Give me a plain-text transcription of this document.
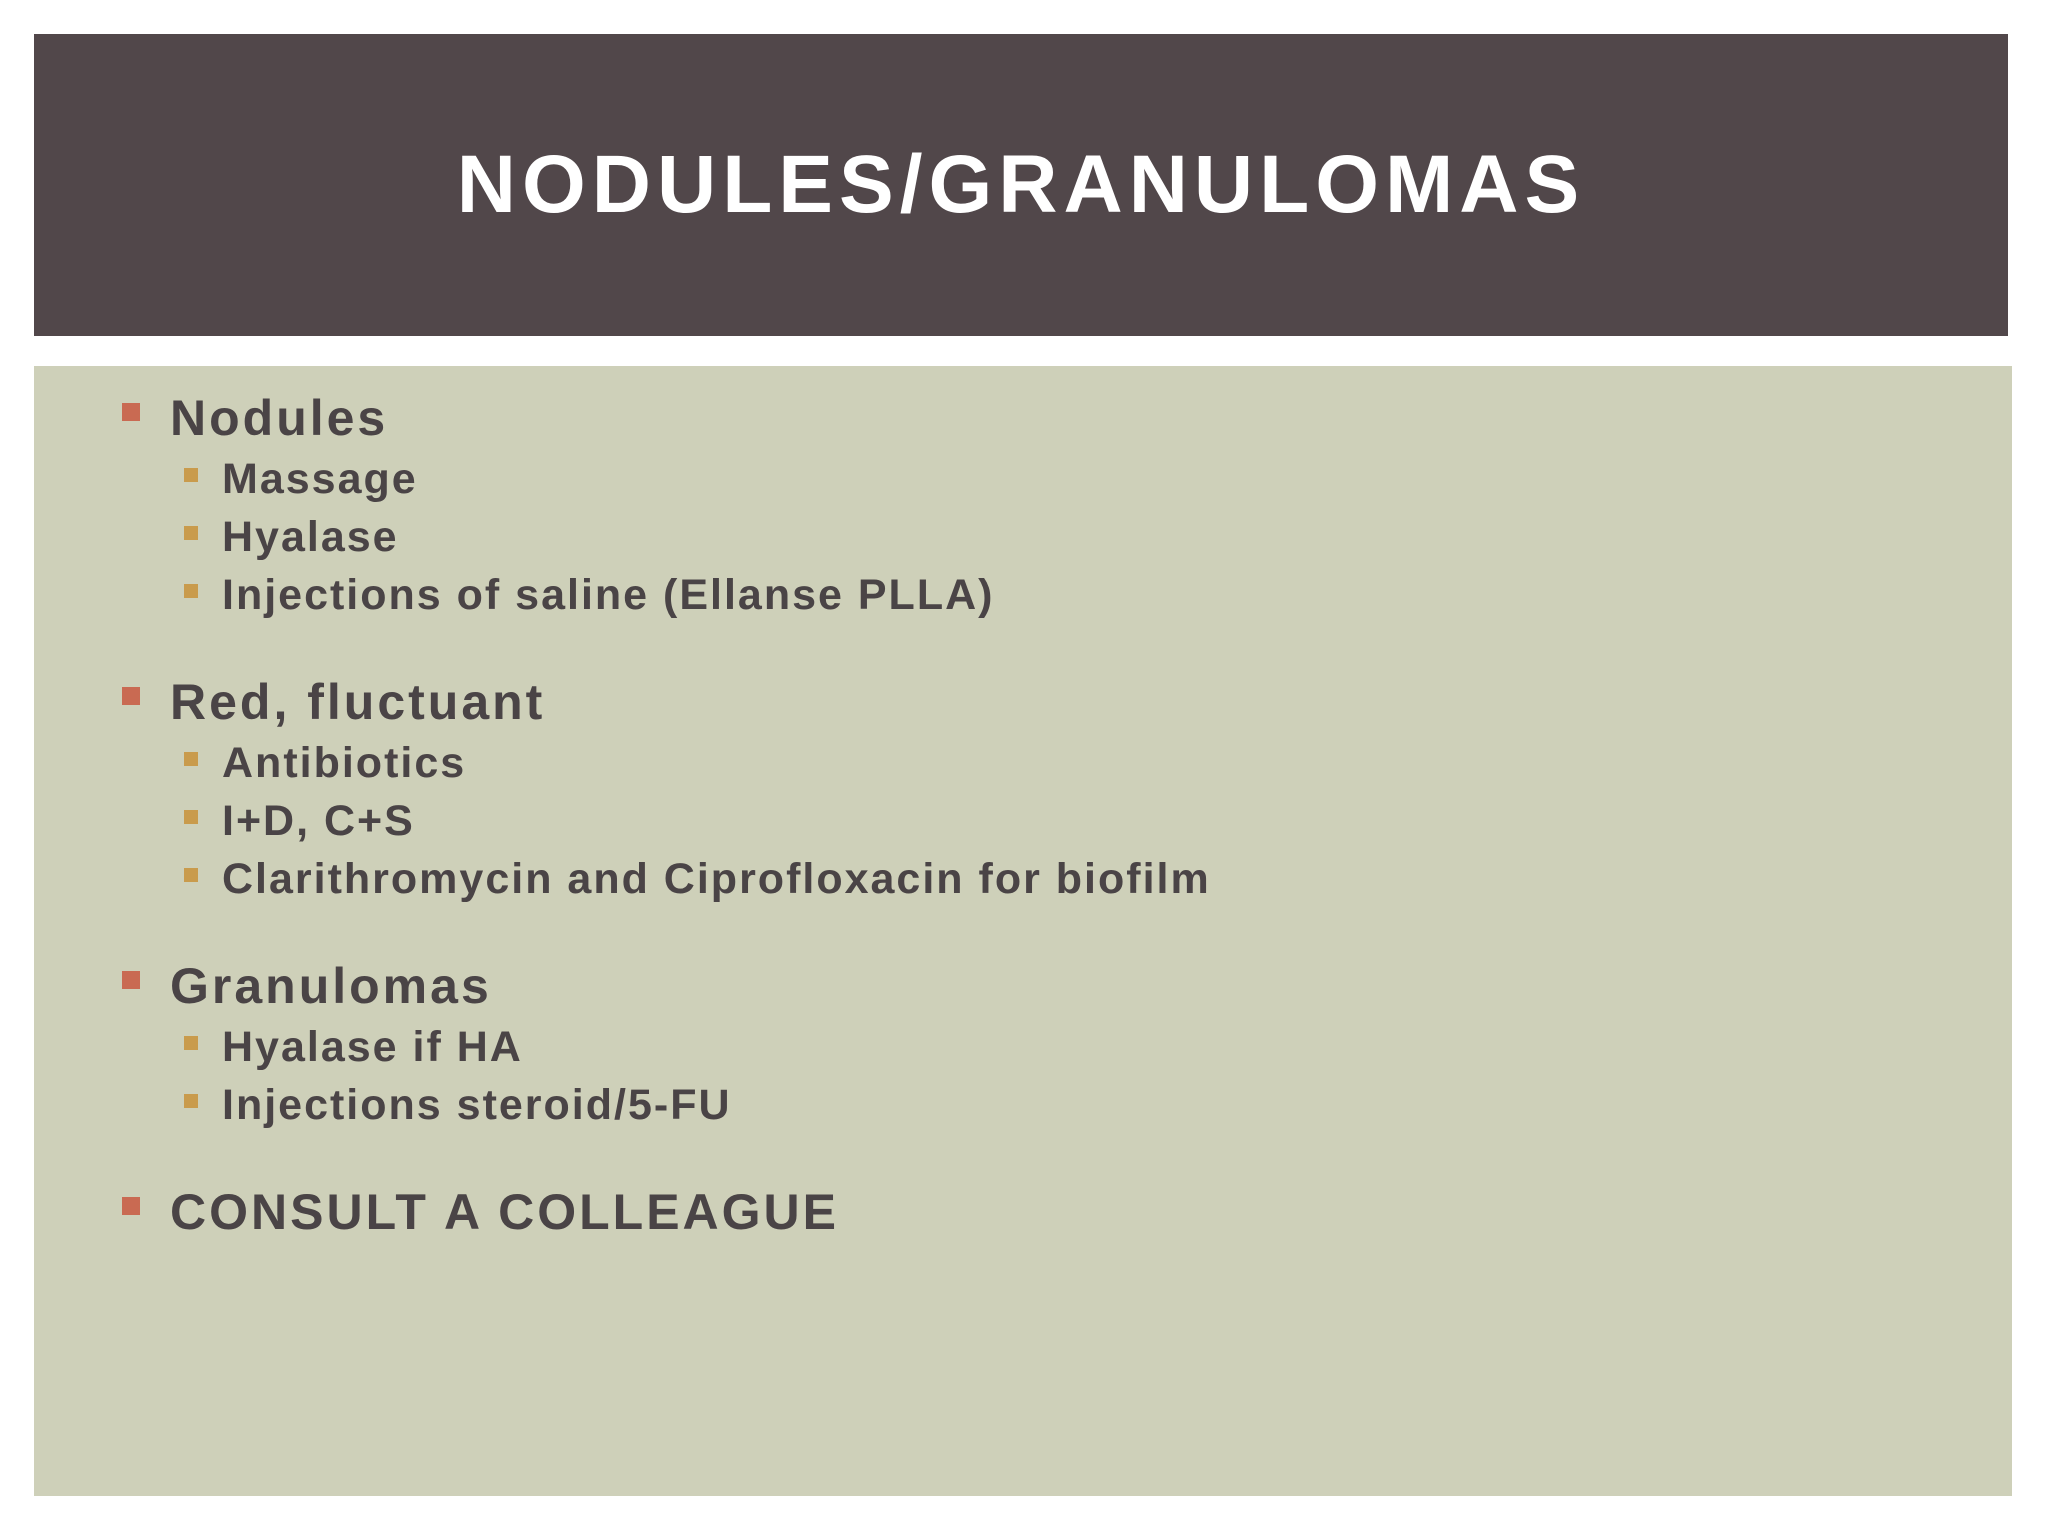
NODULES/GRANULOMAS
Nodules
Massage
Hyalase
Injections of saline (Ellanse PLLA)
Red, fluctuant
Antibiotics
I+D, C+S
Clarithromycin and Ciprofloxacin for biofilm
Granulomas
Hyalase if HA
Injections steroid/5-FU
CONSULT A COLLEAGUE
